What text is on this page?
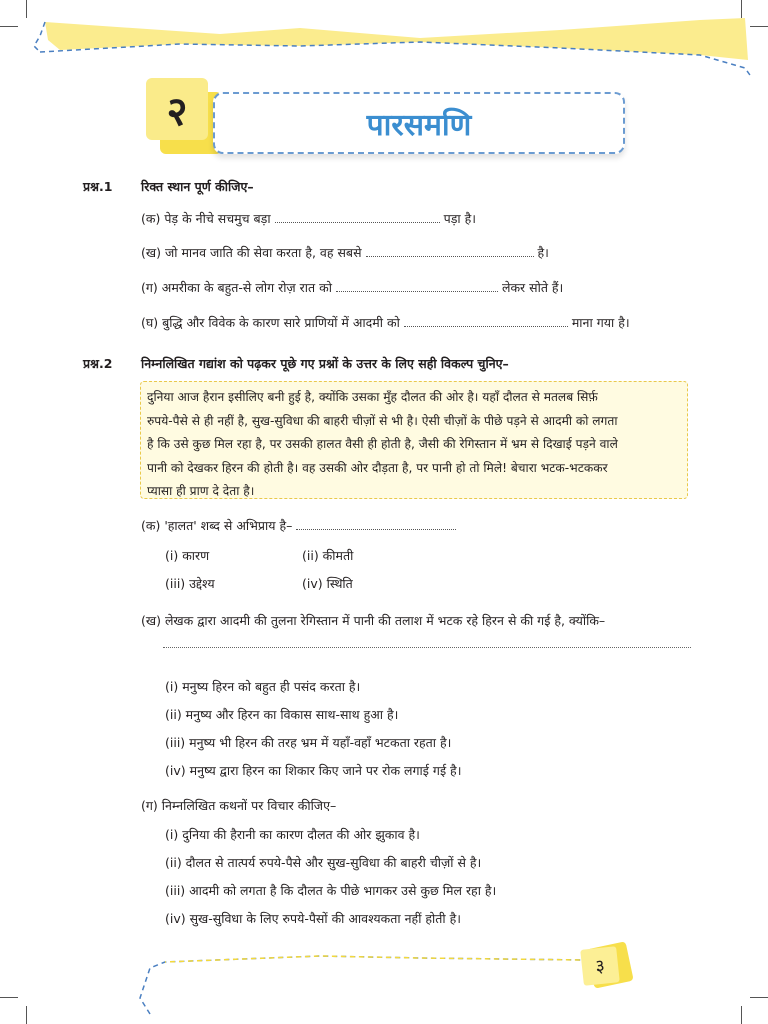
२	पारसमणि
प्रश्न.1 रिक्त स्थान पूर्ण कीजिए–
(क) पेड़ के नीचे सचमुच बड़ा	पड़ा है।
(ख) जो मानव जाति की सेवा करता है, वह सबसे	है।
(ग) अमरीका के बहुत-से लोग रोज़ रात को	लेकर सोते हैं।
(घ) बुद्धि और विवेक के कारण सारे प्राणियों में आदमी को	माना गया है।
प्रश्न.2 निम्नलिखित गद्यांश को पढ़कर पूछे गए प्रश्नों के उत्तर के लिए सही विकल्प चुनिए–
दुनिया आज हैरान इसीलिए बनी हुई है, क्योंकि उसका मुँह दौलत की ओर है। यहाँ दौलत से मतलब सिर्फ़
रुपये-पैसे से ही नहीं है, सुख-सुविधा की बाहरी चीज़ों से भी है। ऐसी चीज़ों के पीछे पड़ने से आदमी को लगता
है कि उसे कुछ मिल रहा है, पर उसकी हालत वैसी ही होती है, जैसी की रेगिस्तान में भ्रम से दिखाई पड़ने वाले
पानी को देखकर हिरन की होती है। वह उसकी ओर दौड़ता है, पर पानी हो तो मिले! बेचारा भटक-भटककर
प्यासा ही प्राण दे देता है।
(क) 'हालत' शब्द से अभिप्राय है–
(i) कारण	(ii) कीमती
(iii) उद्देश्य	(iv) स्थिति
(ख) लेखक द्वारा आदमी की तुलना रेगिस्तान में पानी की तलाश में भटक रहे हिरन से की गई है, क्योंकि–
(i) मनुष्य हिरन को बहुत ही पसंद करता है।
(ii) मनुष्य और हिरन का विकास साथ-साथ हुआ है।
(iii) मनुष्य भी हिरन की तरह भ्रम में यहाँ-वहाँ भटकता रहता है।
(iv) मनुष्य द्वारा हिरन का शिकार किए जाने पर रोक लगाई गई है।
(ग) निम्नलिखित कथनों पर विचार कीजिए–
(i) दुनिया की हैरानी का कारण दौलत की ओर झुकाव है।
(ii) दौलत से तात्पर्य रुपये-पैसे और सुख-सुविधा की बाहरी चीज़ों से है।
(iii) आदमी को लगता है कि दौलत के पीछे भागकर उसे कुछ मिल रहा है।
(iv) सुख-सुविधा के लिए रुपये-पैसों की आवश्यकता नहीं होती है।
३
